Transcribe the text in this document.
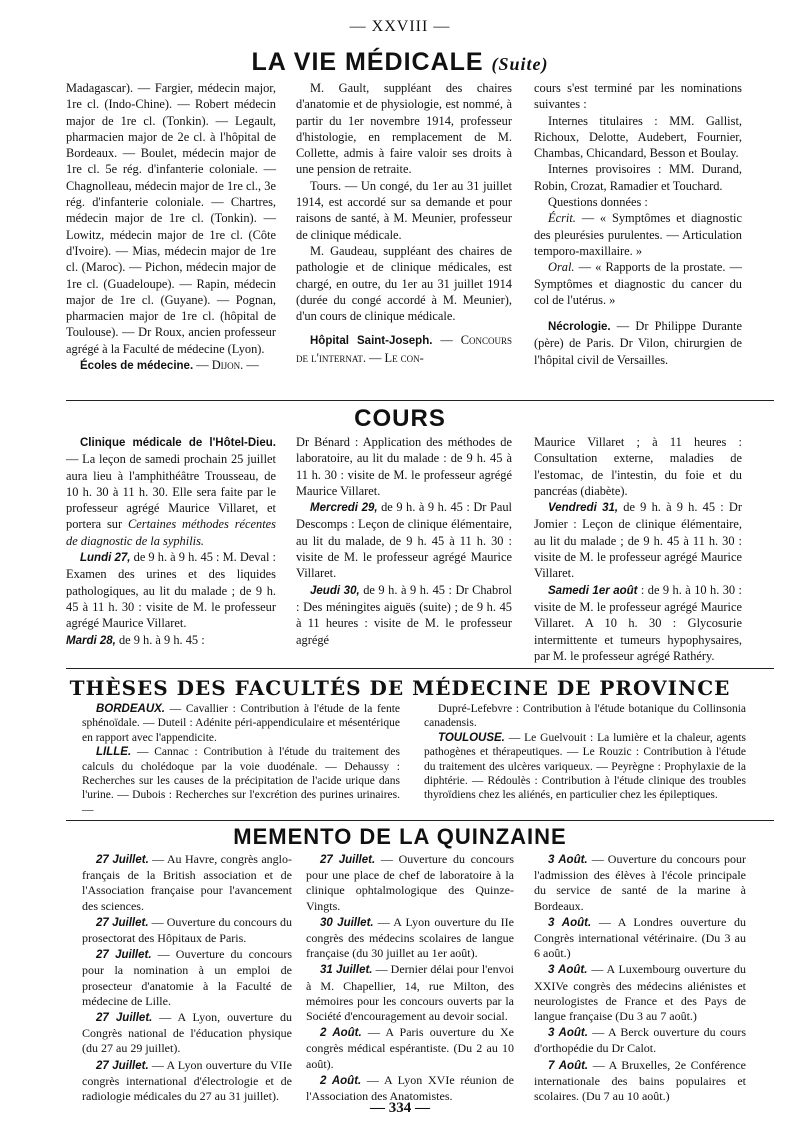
— XXVIII —
LA VIE MÉDICALE (Suite)

Madagascar). — Fargier, médecin major, 1re cl. (Indo-Chine). — Robert médecin major de 1re cl. (Tonkin). — Legault, pharmacien major de 2e cl. à l'hôpital de Bordeaux. — Boulet, médecin major de 1re cl. 5e rég. d'infanterie coloniale. — Chagnolleau, médecin major de 1re cl., 3e rég. d'infanterie coloniale. — Chartres, médecin major de 1re cl. (Tonkin). — Lowitz, médecin major de 1re cl. (Côte d'Ivoire). — Mias, médecin major de 1re cl. (Maroc). — Pichon, médecin major de 1re cl. (Guadeloupe). — Rapin, médecin major de 1re cl. (Guyane). — Pognan, pharmacien major de 1re cl. (hôpital de Toulouse). — Dr Roux, ancien professeur agrégé à la Faculté de médecine (Lyon).

Écoles de médecine. — Dijon. —

M. Gault, suppléant des chaires d'anatomie et de physiologie, est nommé, à partir du 1er novembre 1914, professeur d'histologie, en remplacement de M. Collette, admis à faire valoir ses droits à une pension de retraite.

Tours. — Un congé, du 1er au 31 juillet 1914, est accordé sur sa demande et pour raisons de santé, à M. Meunier, professeur de clinique médicale.

M. Gaudeau, suppléant des chaires de pathologie et de clinique médicales, est chargé, en outre, du 1er au 31 juillet 1914 (durée du congé accordé à M. Meunier), d'un cours de clinique médicale.

Hôpital Saint-Joseph. — Concours de l'internat. — Le con-

cours s'est terminé par les nominations suivantes :

Internes titulaires : MM. Gallist, Richoux, Delotte, Audebert, Fournier, Chambas, Chicandard, Besson et Boulay.

Internes provisoires : MM. Durand, Robin, Crozat, Ramadier et Touchard.

Questions données :

Écrit. — « Symptômes et diagnostic des pleurésies purulentes. — Articulation temporo-maxillaire. »

Oral. — « Rapports de la prostate. — Symptômes et diagnostic du cancer du col de l'utérus. »

Nécrologie. — Dr Philippe Durante (père) de Paris. Dr Vilon, chirurgien de l'hôpital civil de Versailles.

COURS

Clinique médicale de l'Hôtel-Dieu. — La leçon de samedi prochain 25 juillet aura lieu à l'amphithéâtre Trousseau, de 10 h. 30 à 11 h. 30. Elle sera faite par le professeur agrégé Maurice Villaret, et portera sur Certaines méthodes récentes de diagnostic de la syphilis.

Lundi 27, de 9 h. à 9 h. 45 : M. Deval : Examen des urines et des liquides pathologiques, au lit du malade ; de 9 h. 45 à 11 h. 30 : visite de M. le professeur agrégé Maurice Villaret.

Mardi 28, de 9 h. à 9 h. 45 :

Dr Bénard : Application des méthodes de laboratoire, au lit du malade : de 9 h. 45 à 11 h. 30 : visite de M. le professeur agrégé Maurice Villaret.

Mercredi 29, de 9 h. à 9 h. 45 : Dr Paul Descomps : Leçon de clinique élémentaire, au lit du malade, de 9 h. 45 à 11 h. 30 : visite de M. le professeur agrégé Maurice Villaret.

Jeudi 30, de 9 h. à 9 h. 45 : Dr Chabrol : Des méningites aiguës (suite) ; de 9 h. 45 à 11 heures : visite de M. le professeur agrégé

Maurice Villaret ; à 11 heures : Consultation externe, maladies de l'estomac, de l'intestin, du foie et du pancréas (diabète).

Vendredi 31, de 9 h. à 9 h. 45 : Dr Jomier : Leçon de clinique élémentaire, au lit du malade ; de 9 h. 45 à 11 h. 30 : visite de M. le professeur agrégé Maurice Villaret.

Samedi 1er août : de 9 h. à 10 h. 30 : visite de M. le professeur agrégé Maurice Villaret. A 10 h. 30 : Glycosurie intermittente et tumeurs hypophysaires, par M. le professeur agrégé Rathéry.

THÈSES DES FACULTÉS DE MÉDECINE DE PROVINCE

BORDEAUX. — Cavallier : Contribution à l'étude de la fente sphénoïdale. — Duteil : Adénite péri-appendiculaire et mésentérique en rapport avec l'appendicite.

LILLE. — Cannac : Contribution à l'étude du traitement des calculs du cholédoque par la voie duodénale. — Dehaussy : Recherches sur les causes de la précipitation de l'acide urique dans l'urine. — Dubois : Recherches sur l'excrétion des purines urinaires. —

Dupré-Lefebvre : Contribution à l'étude botanique du Collinsonia canadensis.

TOULOUSE. — Le Guelvouit : La lumière et la chaleur, agents pathogènes et thérapeutiques. — Le Rouzic : Contribution à l'étude du traitement des ulcères variqueux. — Peyrègne : Prophylaxie de la diphtérie. — Rédoulès : Contribution à l'étude clinique des troubles thyroïdiens chez les aliénés, en particulier chez les épileptiques.

MEMENTO DE LA QUINZAINE

27 Juillet. — Au Havre, congrès anglo-français de la British association et de l'Association française pour l'avancement des sciences.

27 Juillet. — Ouverture du concours du prosectorat des Hôpitaux de Paris.

27 Juillet. — Ouverture du concours pour la nomination à un emploi de prosecteur d'anatomie à la Faculté de médecine de Lille.

27 Juillet. — A Lyon, ouverture du Congrès national de l'éducation physique (du 27 au 29 juillet).

27 Juillet. — A Lyon ouverture du VIIe congrès international d'électrologie et de radiologie médicales du 27 au 31 juillet).

27 Juillet. — Ouverture du concours pour une place de chef de laboratoire à la clinique ophtalmologique des Quinze-Vingts.

30 Juillet. — A Lyon ouverture du IIe congrès des médecins scolaires de langue française (du 30 juillet au 1er août).

31 Juillet. — Dernier délai pour l'envoi à M. Chapellier, 14, rue Milton, des mémoires pour les concours ouverts par la Société d'encouragement au devoir social.

2 Août. — A Paris ouverture du Xe congrès médical espérantiste. (Du 2 au 10 août).

2 Août. — A Lyon XVIe réunion de l'Association des Anatomistes.

3 Août. — Ouverture du concours pour l'admission des élèves à l'école principale du service de santé de la marine à Bordeaux.

3 Août. — A Londres ouverture du Congrès international vétérinaire. (Du 3 au 6 août.)

3 Août. — A Luxembourg ouverture du XXIVe congrès des médecins aliénistes et neurologistes de France et des Pays de langue française (Du 3 au 7 août.)

3 Août. — A Berck ouverture du cours d'orthopédie du Dr Calot.

7 Août. — A Bruxelles, 2e Conférence internationale des bains populaires et scolaires. (Du 7 au 10 août.)

— 334 —
